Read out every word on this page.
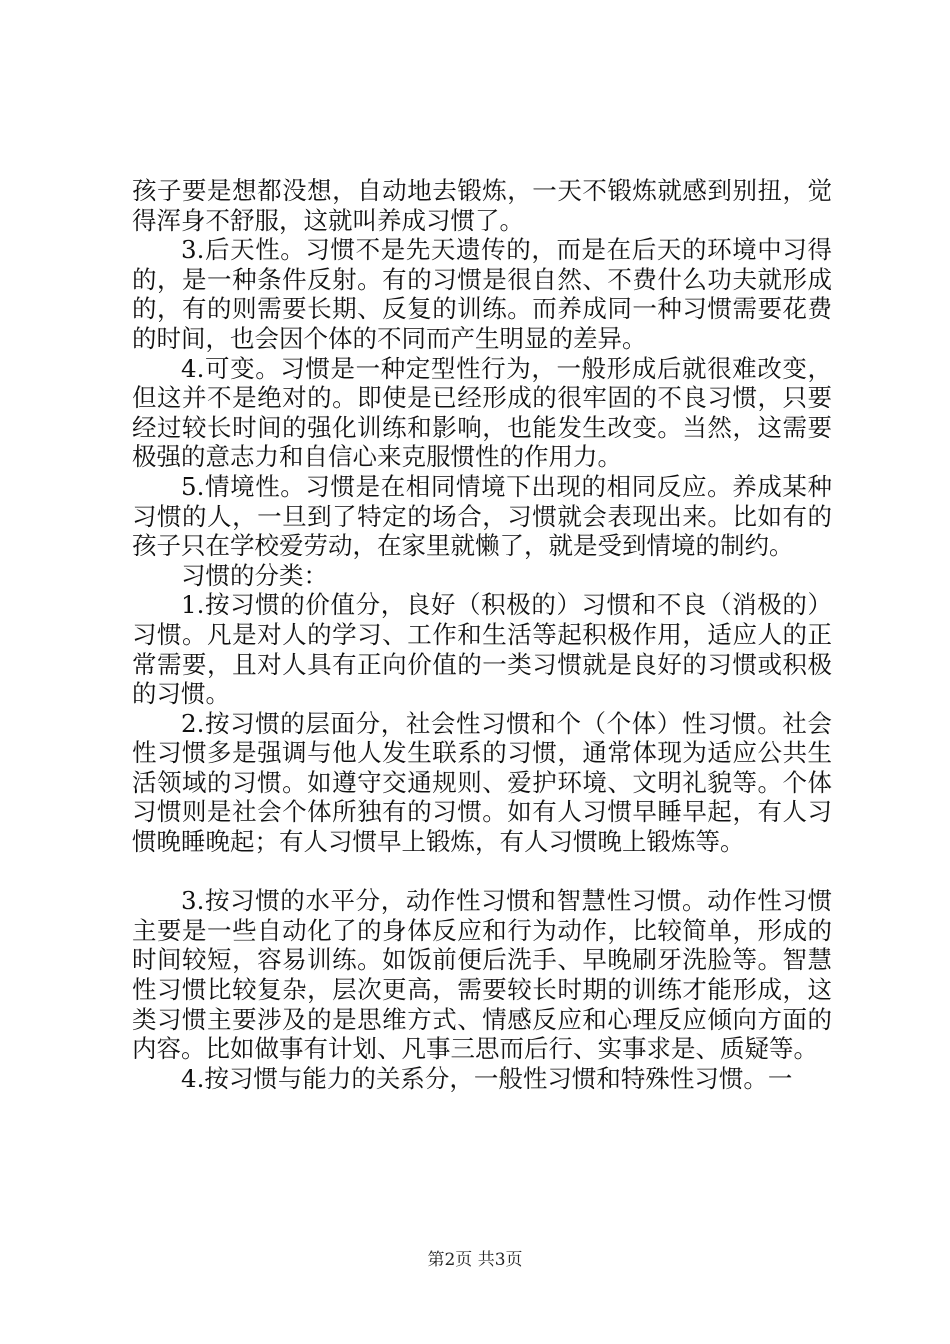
孩子要是想都没想，自动地去锻炼，一天不锻炼就感到别扭，觉得浑身不舒服，这就叫养成习惯了。

3.后天性。习惯不是先天遗传的，而是在后天的环境中习得的，是一种条件反射。有的习惯是很自然、不费什么功夫就形成的，有的则需要长期、反复的训练。而养成同一种习惯需要花费的时间，也会因个体的不同而产生明显的差异。

4.可变。习惯是一种定型性行为，一般形成后就很难改变，但这并不是绝对的。即使是已经形成的很牢固的不良习惯，只要经过较长时间的强化训练和影响，也能发生改变。当然，这需要极强的意志力和自信心来克服惯性的作用力。

5.情境性。习惯是在相同情境下出现的相同反应。养成某种习惯的人，一旦到了特定的场合，习惯就会表现出来。比如有的孩子只在学校爱劳动，在家里就懒了，就是受到情境的制约。

习惯的分类：

1.按习惯的价值分，良好（积极的）习惯和不良（消极的）习惯。凡是对人的学习、工作和生活等起积极作用，适应人的正常需要，且对人具有正向价值的一类习惯就是良好的习惯或积极的习惯。

2.按习惯的层面分，社会性习惯和个（个体）性习惯。社会性习惯多是强调与他人发生联系的习惯，通常体现为适应公共生活领域的习惯。如遵守交通规则、爱护环境、文明礼貌等。个体习惯则是社会个体所独有的习惯。如有人习惯早睡早起，有人习惯晚睡晚起；有人习惯早上锻炼，有人习惯晚上锻炼等。

3.按习惯的水平分，动作性习惯和智慧性习惯。动作性习惯主要是一些自动化了的身体反应和行为动作，比较简单，形成的时间较短，容易训练。如饭前便后洗手、早晚刷牙洗脸等。智慧性习惯比较复杂，层次更高，需要较长时期的训练才能形成，这类习惯主要涉及的是思维方式、情感反应和心理反应倾向方面的内容。比如做事有计划、凡事三思而后行、实事求是、质疑等。

4.按习惯与能力的关系分，一般性习惯和特殊性习惯。一

第2页 共3页
